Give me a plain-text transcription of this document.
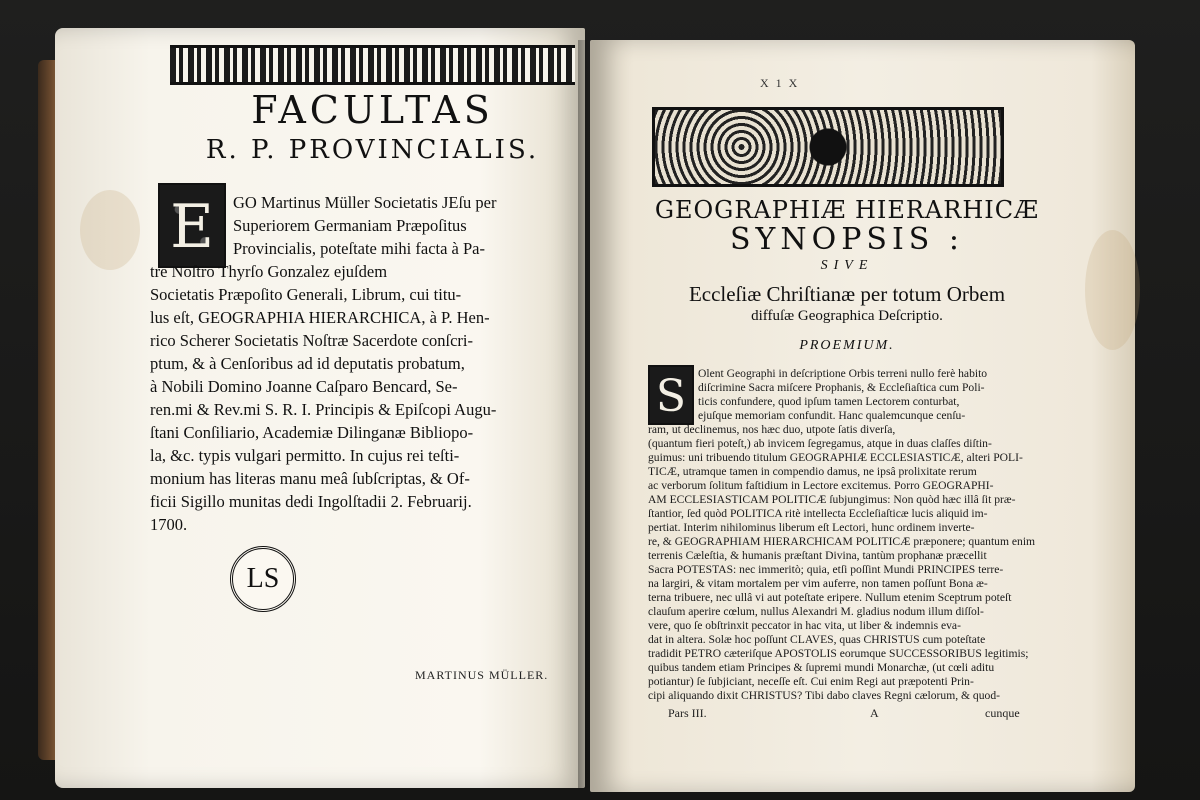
FACULTAS
R. P. PROVINCIALIS.
E	GO Martinus Müller Societatis JEſu per
Superiorem Germaniam Præpoſitus
Provincialis, poteſtate mihi facta à Pa-
tre Noſtro Thyrſo Gonzalez ejuſdem
Societatis Præpoſito Generali, Librum, cui titu-
lus eſt, GEOGRAPHIA HIERARCHICA, à P. Hen-
rico Scherer Societatis Noſtræ Sacerdote conſcri-
ptum, & à Cenſoribus ad id deputatis probatum,
à Nobili Domino Joanne Caſparo Bencard, Se-
ren.mi & Rev.mi S. R. I. Principis & Epiſcopi Augu-
ſtani Conſiliario, Academiæ Dilinganæ Bibliopo-
la, &c. typis vulgari permitto. In cujus rei teſti-
monium has literas manu meâ ſubſcriptas, & Of-
ficii Sigillo munitas dedi Ingolſtadii 2. Februarij.
1700.
LS
MARTINUS MÜLLER.
X 1 X
GEOGRAPHIÆ HIERARHICÆ
SYNOPSIS :
SIVE
Eccleſiæ Chriſtianæ per totum Orbem
diffuſæ Geographica Deſcriptio.
PROEMIUM.
S	Olent Geographi in deſcriptione Orbis terreni nullo ferè habito
diſcrimine Sacra miſcere Prophanis, & Eccleſiaſtica cum Poli-
ticis confundere, quod ipſum tamen Lectorem conturbat,
ejuſque memoriam confundit. Hanc qualemcunque cenſu-
ram, ut declinemus, nos hæc duo, utpote ſatis diverſa,
(quantum fieri poteſt,) ab invicem ſegregamus, atque in duas claſſes diſtin-
guimus: uni tribuendo titulum GEOGRAPHIÆ ECCLESIASTICÆ, alteri POLI-
TICÆ, utramque tamen in compendio damus, ne ipsâ prolixitate rerum
ac verborum ſolitum faſtidium in Lectore excitemus. Porro GEOGRAPHI-
AM ECCLESIASTICAM POLITICÆ ſubjungimus: Non quòd hæc illâ ſit præ-
ſtantior, ſed quòd POLITICA ritè intellecta Eccleſiaſticæ lucis aliquid im-
pertiat. Interim nihilominus liberum eſt Lectori, hunc ordinem inverte-
re, & GEOGRAPHIAM HIERARCHICAM POLITICÆ præponere; quantum enim
terrenis Cæleſtia, & humanis præſtant Divina, tantùm prophanæ præcellit
Sacra POTESTAS: nec immeritò; quia, etſi poſſint Mundi PRINCIPES terre-
na largiri, & vitam mortalem per vim auferre, non tamen poſſunt Bona æ-
terna tribuere, nec ullâ vi aut poteſtate eripere. Nullum etenim Sceptrum poteſt
clauſum aperire cœlum, nullus Alexandri M. gladius nodum illum diſſol-
vere, quo ſe obſtrinxit peccator in hac vita, ut liber & indemnis eva-
dat in altera. Solæ hoc poſſunt CLAVES, quas CHRISTUS cum poteſtate
tradidit PETRO cæteriſque APOSTOLIS eorumque SUCCESSORIBUS legitimis;
quibus tandem etiam Principes & ſupremi mundi Monarchæ, (ut cœli aditu
potiantur) ſe ſubjiciant, neceſſe eſt. Cui enim Regi aut præpotenti Prin-
cipi aliquando dixit CHRISTUS? Tibi dabo claves Regni cælorum, & quod-
Pars III.	A	cunque
